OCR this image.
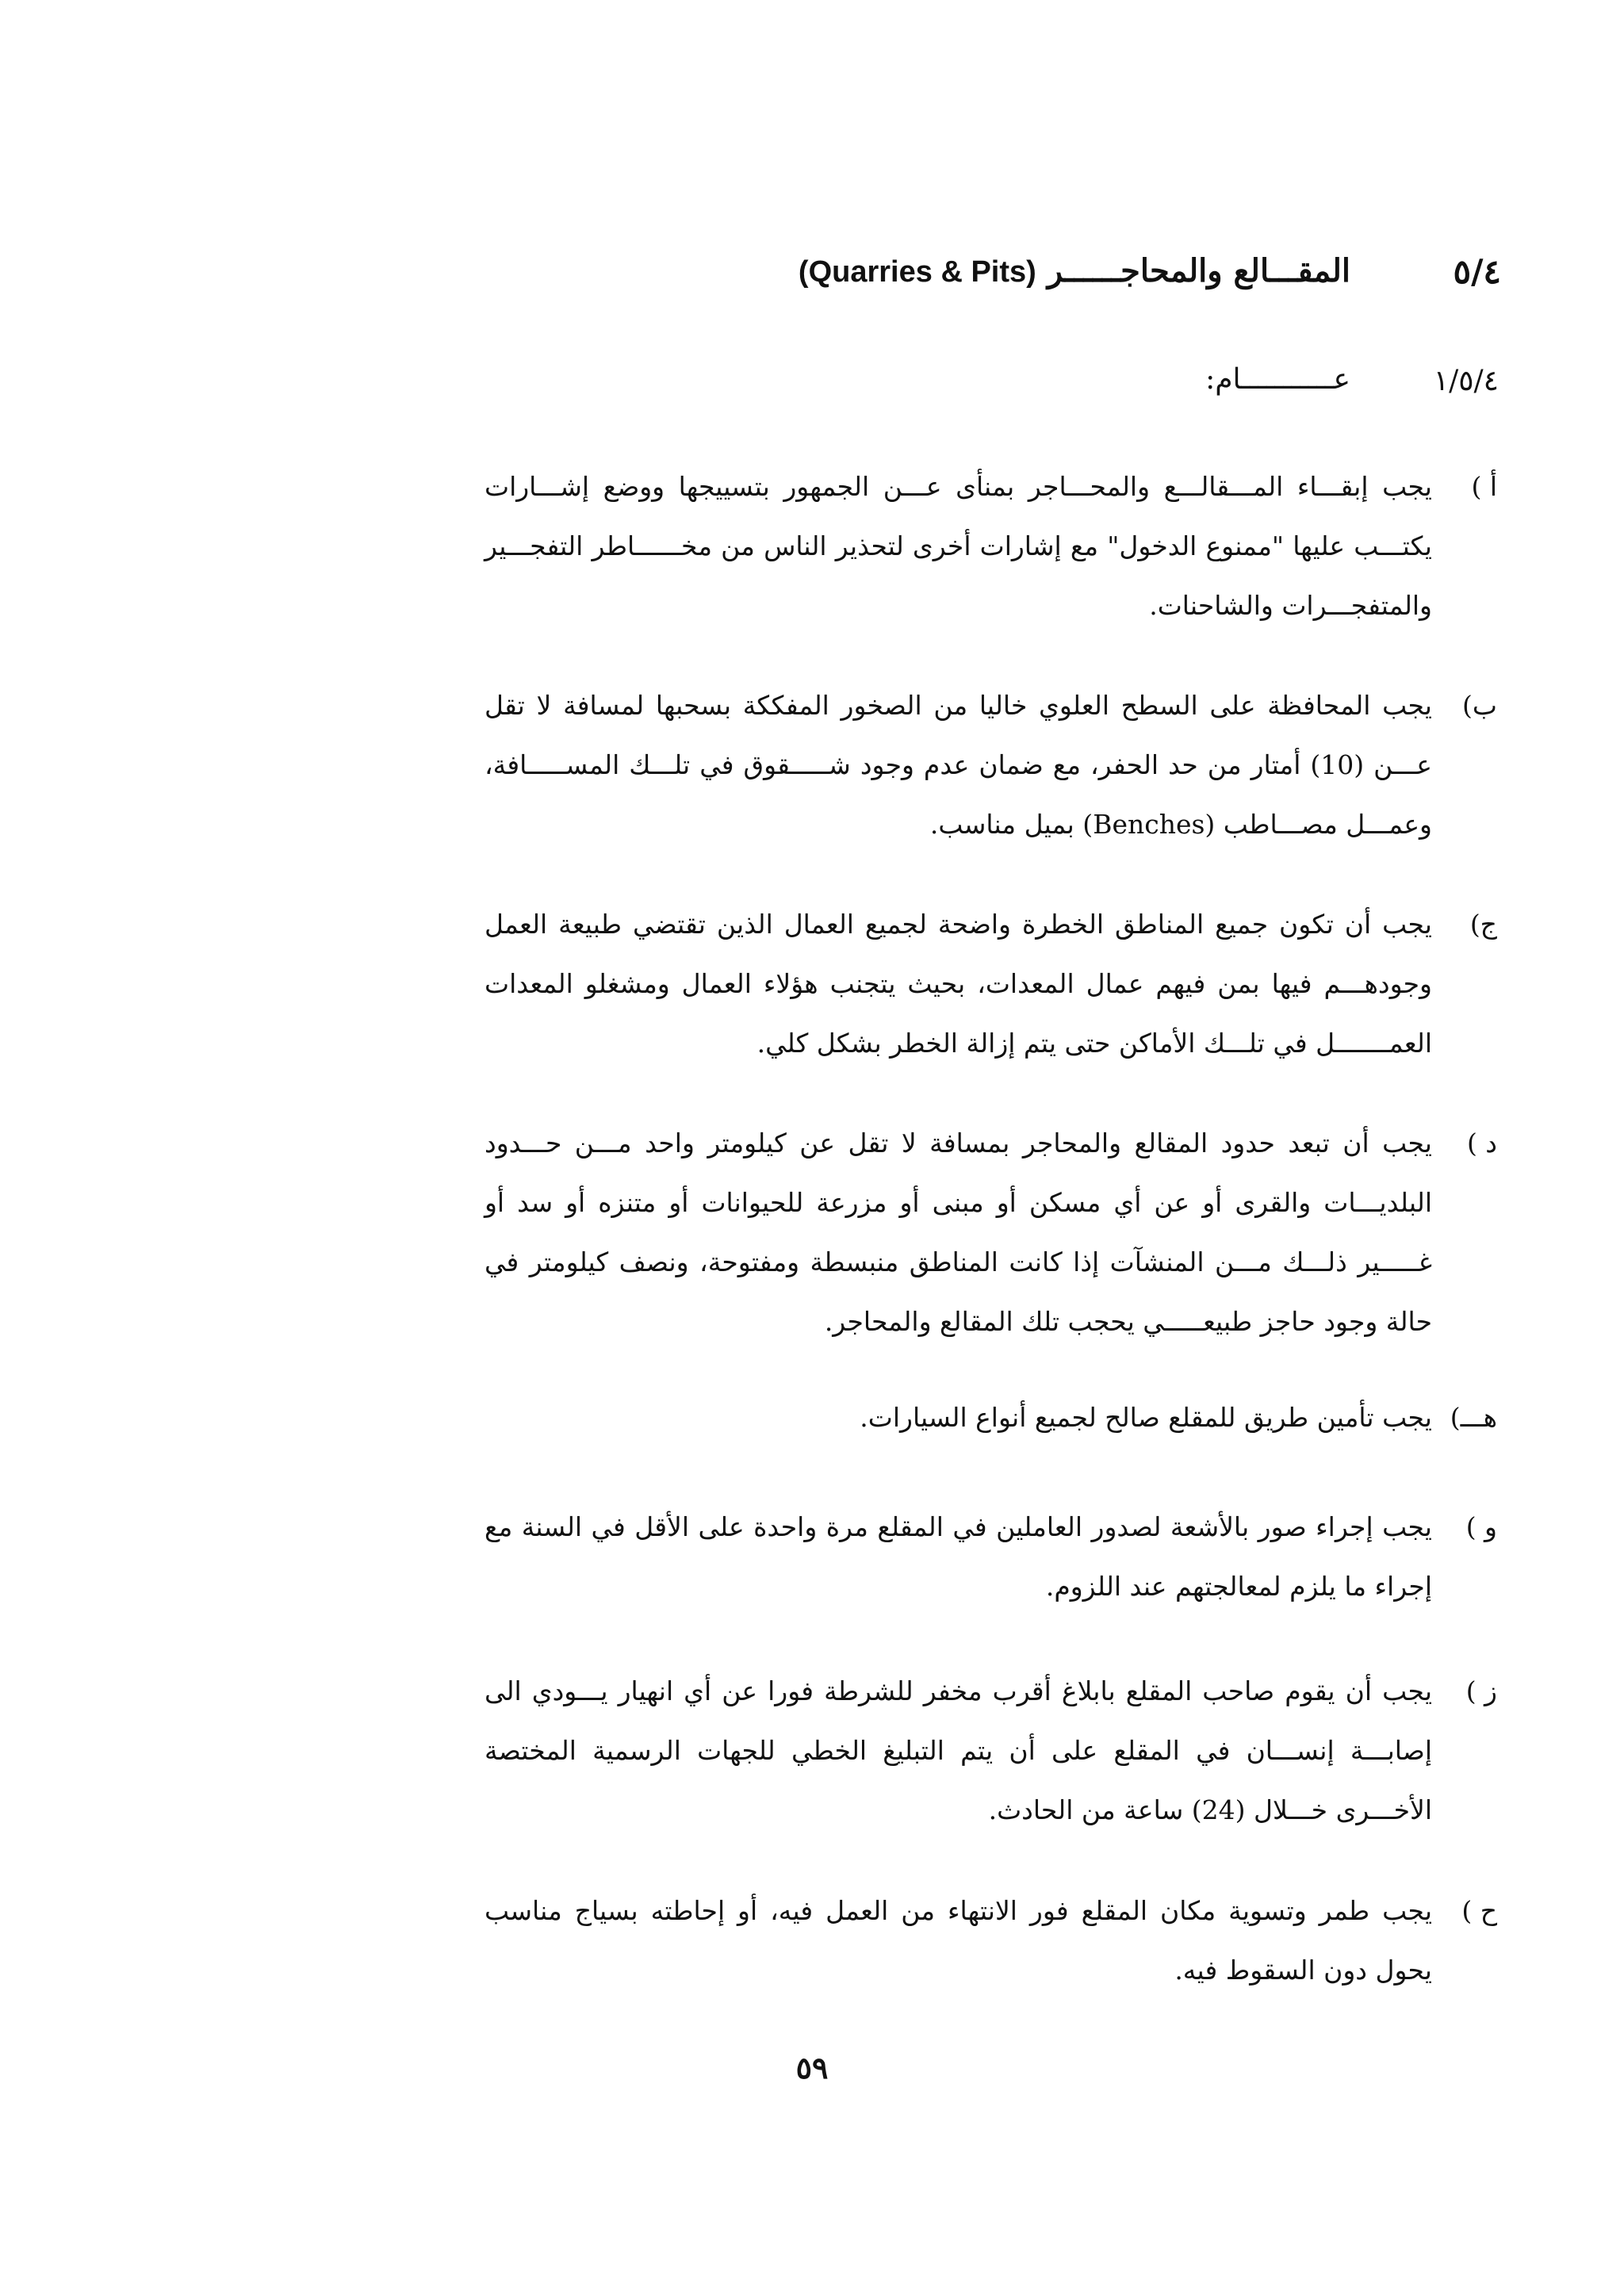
٥/٤
المقـــالع والمحاجــــــر (Quarries & Pits)
١/٥/٤
عـــــــــــام:
أ )

يجب إبقـــاء المـــقالـــع والمحـــاجر بمنأى عـــن الجمهور بتسييجها ووضع إشـــارات يكتـــب عليها "ممنوع الدخول" مع إشارات أخرى لتحذير الناس من مخــــــاطر التفجـــير والمتفجـــرات والشاحنات.

ب)

يجب المحافظة على السطح العلوي خاليا من الصخور المفككة بسحبها لمسافة لا تقل عـــن (10) أمتار من حد الحفر، مع ضمان عدم وجود شـــــقوق في تلـــك المســـــافة، وعمـــل مصـــاطب (Benches) بميل مناسب.

ج)

يجب أن تكون جميع المناطق الخطرة واضحة لجميع العمال الذين تقتضي طبيعة العمل وجودهـــم فيها بمن فيهم عمال المعدات، بحيث يتجنب هؤلاء العمال ومشغلو المعدات العمـــــــل في تلـــك الأماكن حتى يتم إزالة الخطر بشكل كلي.

د )

يجب أن تبعد حدود المقالع والمحاجر بمسافة لا تقل عن كيلومتر واحد مـــن حـــدود البلديـــات والقرى أو عن أي مسكن أو مبنى أو مزرعة للحيوانات أو متنزه أو سد أو غـــــير ذلـــك مـــن المنشآت إذا كانت المناطق منبسطة ومفتوحة، ونصف كيلومتر في حالة وجود حاجز طبيعـــــي يحجب تلك المقالع والمحاجر.

هـــ)

يجب تأمين طريق للمقلع صالح لجميع أنواع السيارات.

و )

يجب إجراء صور بالأشعة لصدور العاملين في المقلع مرة واحدة على الأقل في السنة مع إجراء ما يلزم لمعالجتهم عند اللزوم.

ز )

يجب أن يقوم صاحب المقلع بابلاغ أقرب مخفر للشرطة فورا عن أي انهيار يـــودي الى إصابـــة إنســـان في المقلع على أن يتم التبليغ الخطي للجهات الرسمية المختصة الأخـــرى خـــلال (24) ساعة من الحادث.

ح )

يجب طمر وتسوية مكان المقلع فور الانتهاء من العمل فيه، أو إحاطته بسياج مناسب يحول دون السقوط فيه.

٥٩
